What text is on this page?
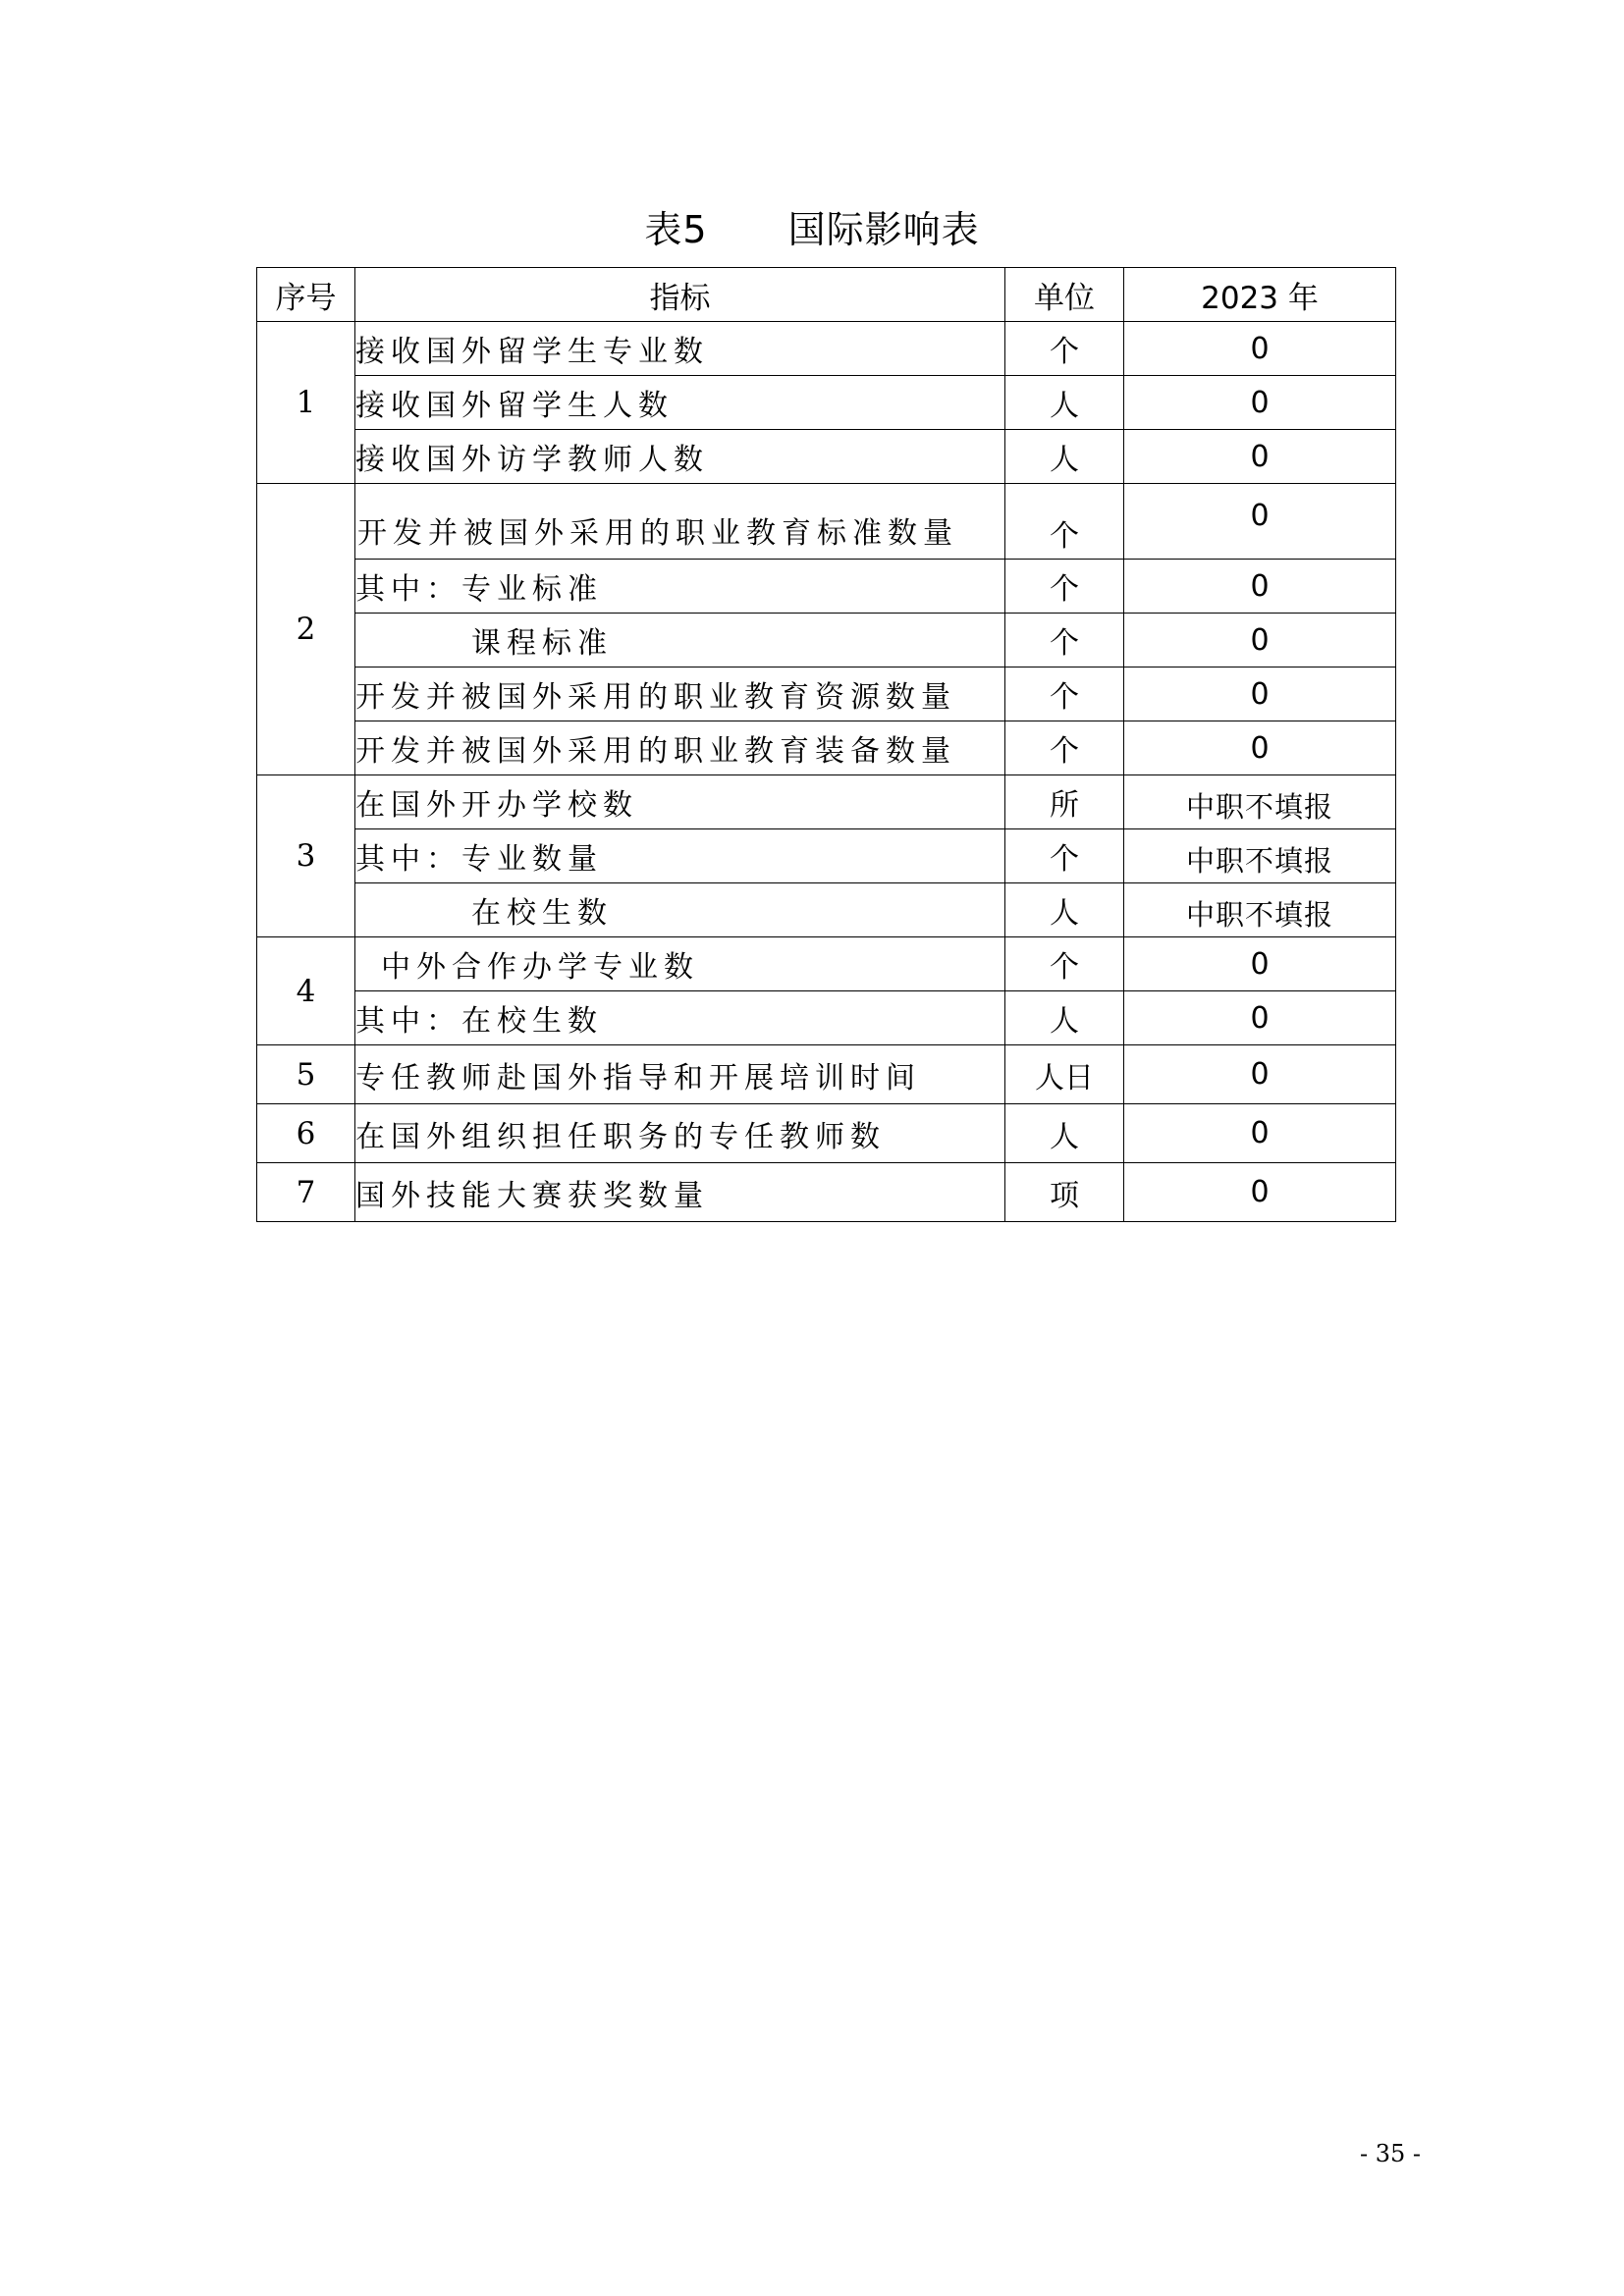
表5 国际影响表
序号	指标	单位	2023 年
1	接收国外留学生专业数	个	0
	接收国外留学生人数	人	0
	接收国外访学教师人数	人	0
2	开发并被国外采用的职业教育标准数量	个	0
	其中：专业标准	个	0
	课程标准	个	0
	开发并被国外采用的职业教育资源数量	个	0
	开发并被国外采用的职业教育装备数量	个	0
3	在国外开办学校数	所	中职不填报
	其中：专业数量	个	中职不填报
	在校生数	人	中职不填报
4	中外合作办学专业数	个	0
	其中：在校生数	人	0
5	专任教师赴国外指导和开展培训时间	人日	0
6	在国外组织担任职务的专任教师数	人	0
7	国外技能大赛获奖数量	项	0
- 35 -
